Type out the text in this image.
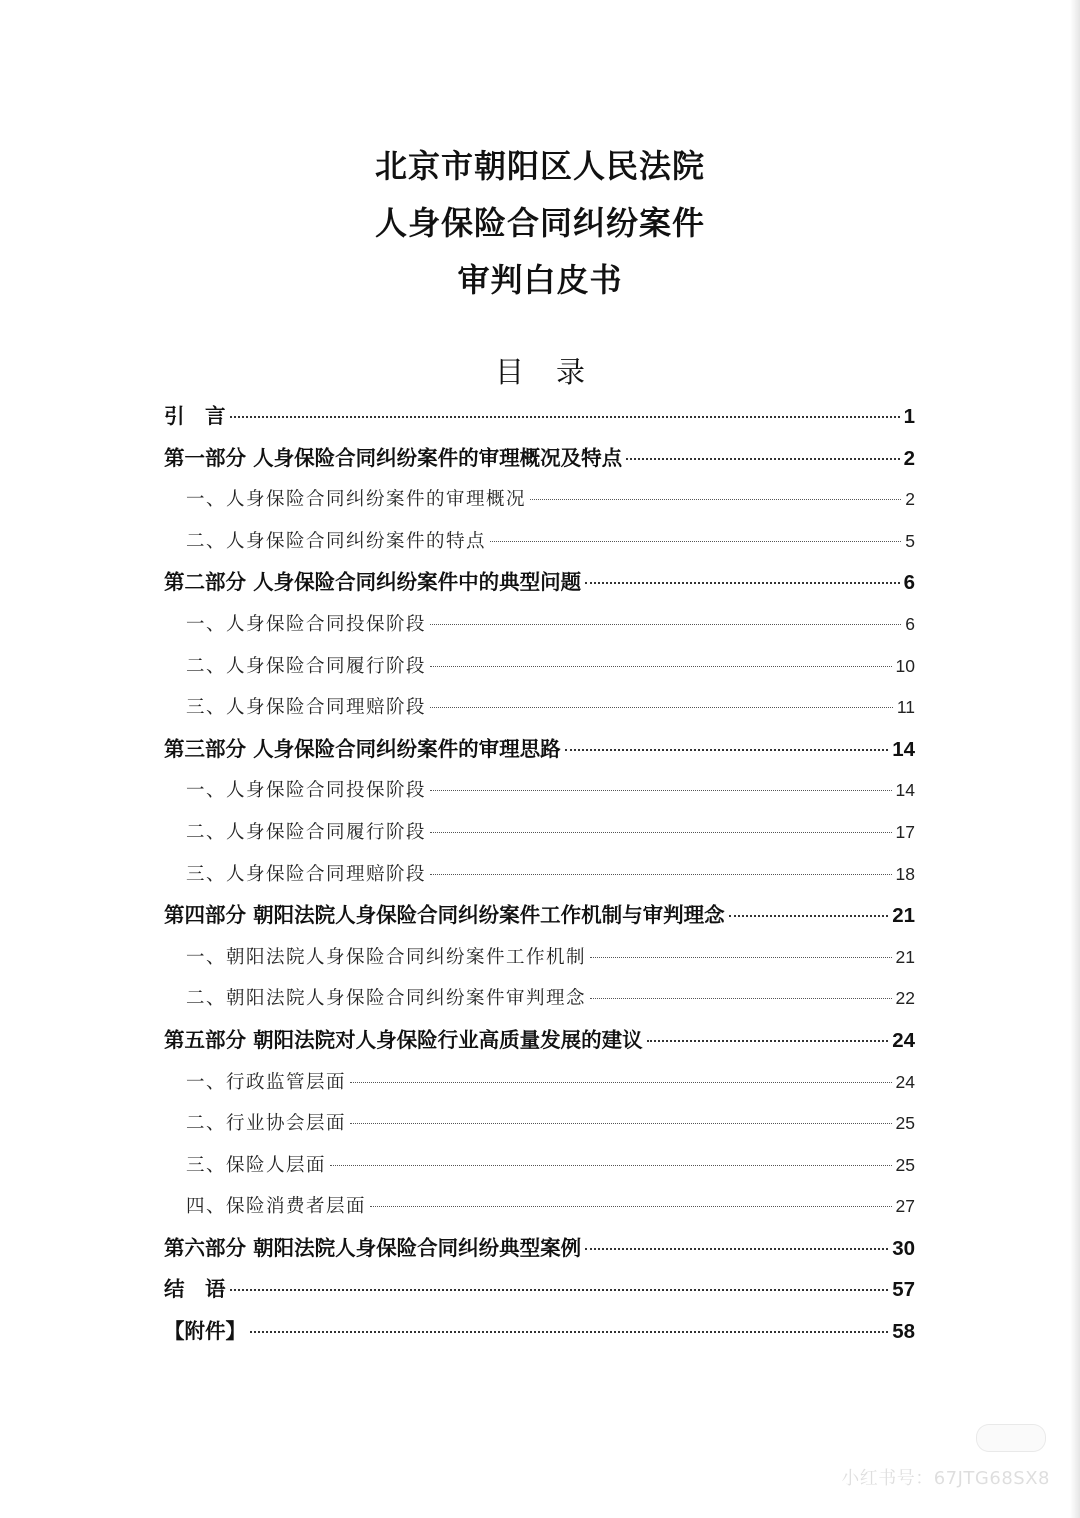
北京市朝阳区人民法院
人身保险合同纠纷案件
审判白皮书
目录
引　言	1
第一部分 人身保险合同纠纷案件的审理概况及特点	2
一、人身保险合同纠纷案件的审理概况	2
二、人身保险合同纠纷案件的特点	5
第二部分 人身保险合同纠纷案件中的典型问题	6
一、人身保险合同投保阶段	6
二、人身保险合同履行阶段	10
三、人身保险合同理赔阶段	11
第三部分 人身保险合同纠纷案件的审理思路	14
一、人身保险合同投保阶段	14
二、人身保险合同履行阶段	17
三、人身保险合同理赔阶段	18
第四部分 朝阳法院人身保险合同纠纷案件工作机制与审判理念	21
一、朝阳法院人身保险合同纠纷案件工作机制	21
二、朝阳法院人身保险合同纠纷案件审判理念	22
第五部分 朝阳法院对人身保险行业高质量发展的建议	24
一、行政监管层面	24
二、行业协会层面	25
三、保险人层面	25
四、保险消费者层面	27
第六部分 朝阳法院人身保险合同纠纷典型案例	30
结　语	57
【附件】	58
小红书号：67JTG68SX8
